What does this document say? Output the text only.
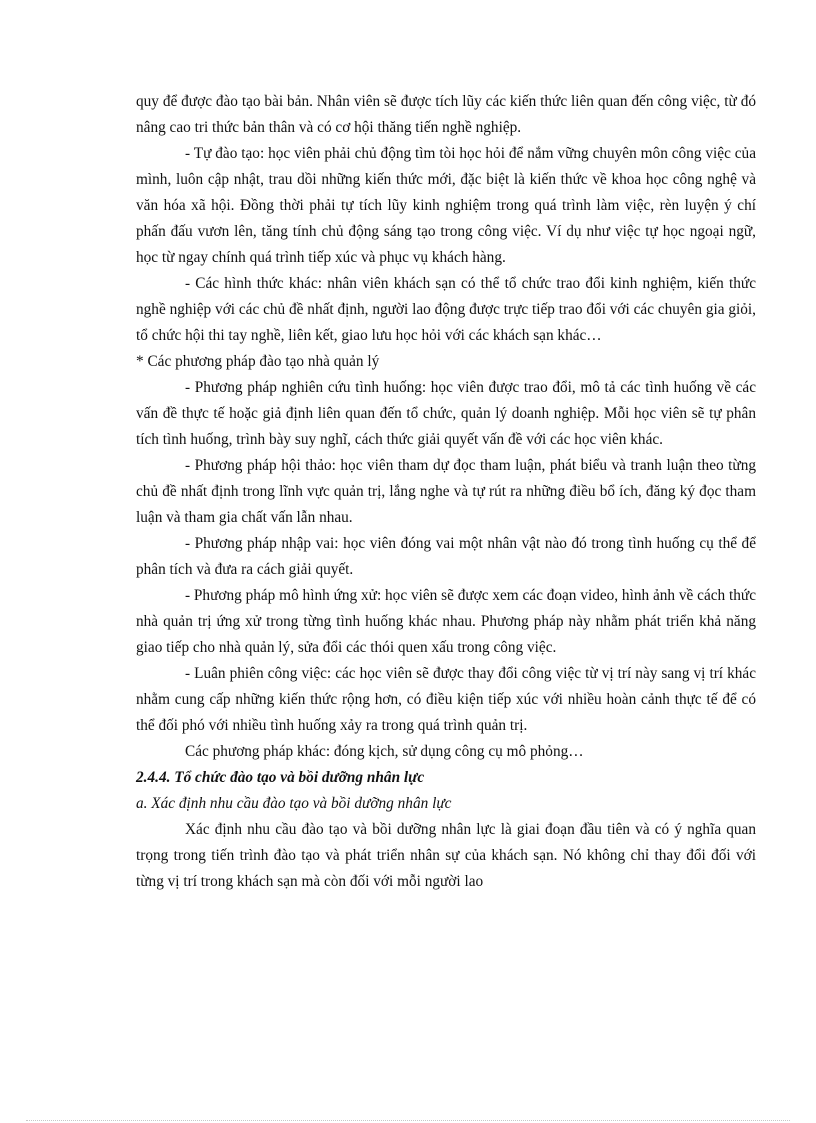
quy để được đào tạo bài bản. Nhân viên sẽ được tích lũy các kiến thức liên quan đến công việc, từ đó nâng cao tri thức bản thân và có cơ hội thăng tiến nghề nghiệp.

- Tự đào tạo: học viên phải chủ động tìm tòi học hỏi để nắm vững chuyên môn công việc của mình, luôn cập nhật, trau dồi những kiến thức mới, đặc biệt là kiến thức về khoa học công nghệ và văn hóa xã hội. Đồng thời phải tự tích lũy kinh nghiệm trong quá trình làm việc, rèn luyện ý chí phấn đấu vươn lên, tăng tính chủ động sáng tạo trong công việc. Ví dụ như việc tự học ngoại ngữ, học từ ngay chính quá trình tiếp xúc và phục vụ khách hàng.

- Các hình thức khác: nhân viên khách sạn có thể tổ chức trao đổi kinh nghiệm, kiến thức nghề nghiệp với các chủ đề nhất định, người lao động được trực tiếp trao đổi với các chuyên gia giỏi, tổ chức hội thi tay nghề, liên kết, giao lưu học hỏi với các khách sạn khác…

* Các phương pháp đào tạo nhà quản lý

- Phương pháp nghiên cứu tình huống: học viên được trao đổi, mô tả các tình huống về các vấn đề thực tế hoặc giả định liên quan đến tổ chức, quản lý doanh nghiệp. Mỗi học viên sẽ tự phân tích tình huống, trình bày suy nghĩ, cách thức giải quyết vấn đề với các học viên khác.

- Phương pháp hội thảo: học viên tham dự đọc tham luận, phát biểu và tranh luận theo từng chủ đề nhất định trong lĩnh vực quản trị, lắng nghe và tự rút ra những điều bổ ích, đăng ký đọc tham luận và tham gia chất vấn lẫn nhau.

- Phương pháp nhập vai: học viên đóng vai một nhân vật nào đó trong tình huống cụ thể để phân tích và đưa ra cách giải quyết.

- Phương pháp mô hình ứng xử: học viên sẽ được xem các đoạn video, hình ảnh về cách thức nhà quản trị ứng xử trong từng tình huống khác nhau. Phương pháp này nhằm phát triển khả năng giao tiếp cho nhà quản lý, sửa đổi các thói quen xấu trong công việc.

- Luân phiên công việc: các học viên sẽ được thay đổi công việc từ vị trí này sang vị trí khác nhằm cung cấp những kiến thức rộng hơn, có điều kiện tiếp xúc với nhiều hoàn cảnh thực tế để có thể đối phó với nhiều tình huống xảy ra trong quá trình quản trị.

Các phương pháp khác: đóng kịch, sử dụng công cụ mô phỏng…

2.4.4. Tổ chức đào tạo và bồi dưỡng nhân lực

a. Xác định nhu cầu đào tạo và bồi dưỡng nhân lực

Xác định nhu cầu đào tạo và bồi dưỡng nhân lực là giai đoạn đầu tiên và có ý nghĩa quan trọng trong tiến trình đào tạo và phát triển nhân sự của khách sạn. Nó không chỉ thay đổi đối với từng vị trí trong khách sạn mà còn đối với mỗi người lao
